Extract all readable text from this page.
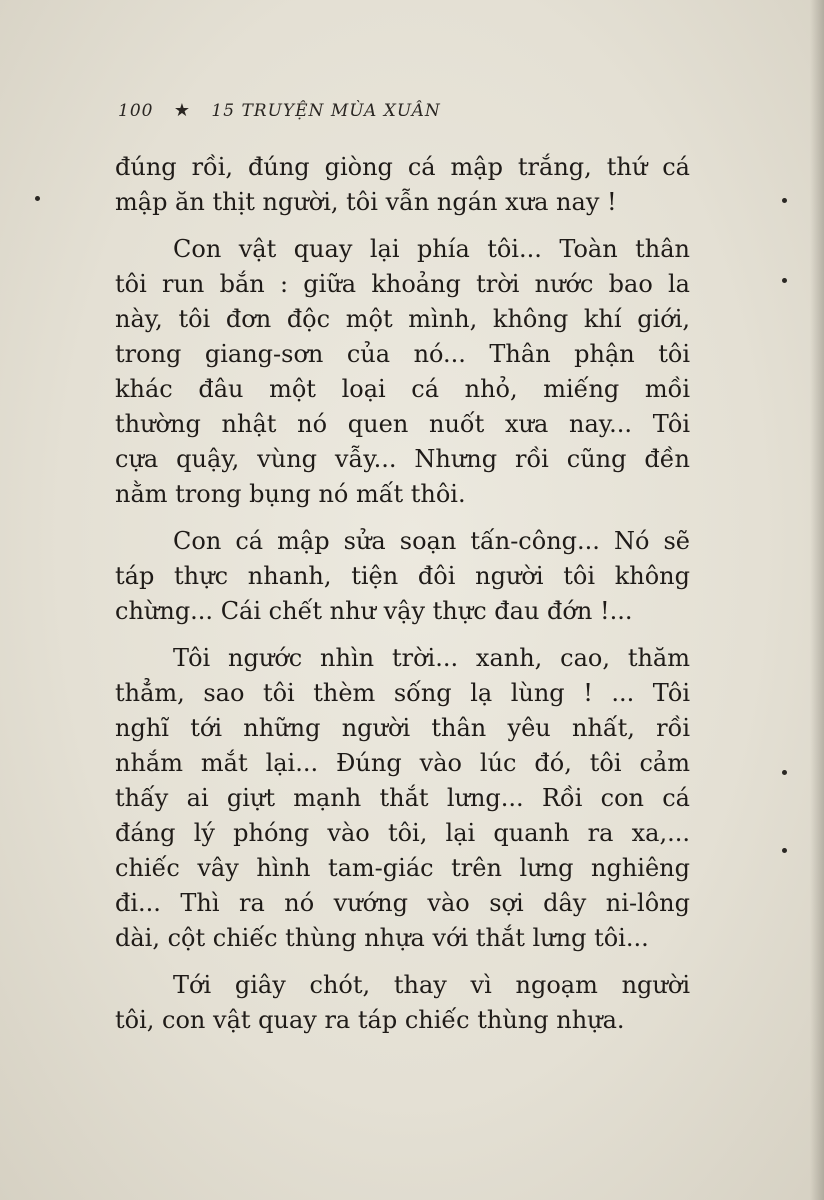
100 ★ 15 TRUYỆN MÙA XUÂN
đúng rồi, đúng giòng cá mập trắng, thứ cá
mập ăn thịt người, tôi vẫn ngán xưa nay !
Con vật quay lại phía tôi... Toàn thân
tôi run bắn : giữa khoảng trời nước bao la
này, tôi đơn độc một mình, không khí giới,
trong giang-sơn của nó... Thân phận tôi
khác đâu một loại cá nhỏ, miếng mồi
thường nhật nó quen nuốt xưa nay... Tôi
cựa quậy, vùng vẫy... Nhưng rồi cũng đền
nằm trong bụng nó mất thôi.
Con cá mập sửa soạn tấn-công... Nó sẽ
táp thực nhanh, tiện đôi người tôi không
chừng... Cái chết như vậy thực đau đớn !...
Tôi ngước nhìn trời... xanh, cao, thăm
thẳm, sao tôi thèm sống lạ lùng ! ... Tôi
nghĩ tới những người thân yêu nhất, rồi
nhắm mắt lại... Đúng vào lúc đó, tôi cảm
thấy ai giựt mạnh thắt lưng... Rồi con cá
đáng lý phóng vào tôi, lại quanh ra xa,...
chiếc vây hình tam-giác trên lưng nghiêng
đi... Thì ra nó vướng vào sợi dây ni-lông
dài, cột chiếc thùng nhựa với thắt lưng tôi...
Tới giây chót, thay vì ngoạm người
tôi, con vật quay ra táp chiếc thùng nhựa.
